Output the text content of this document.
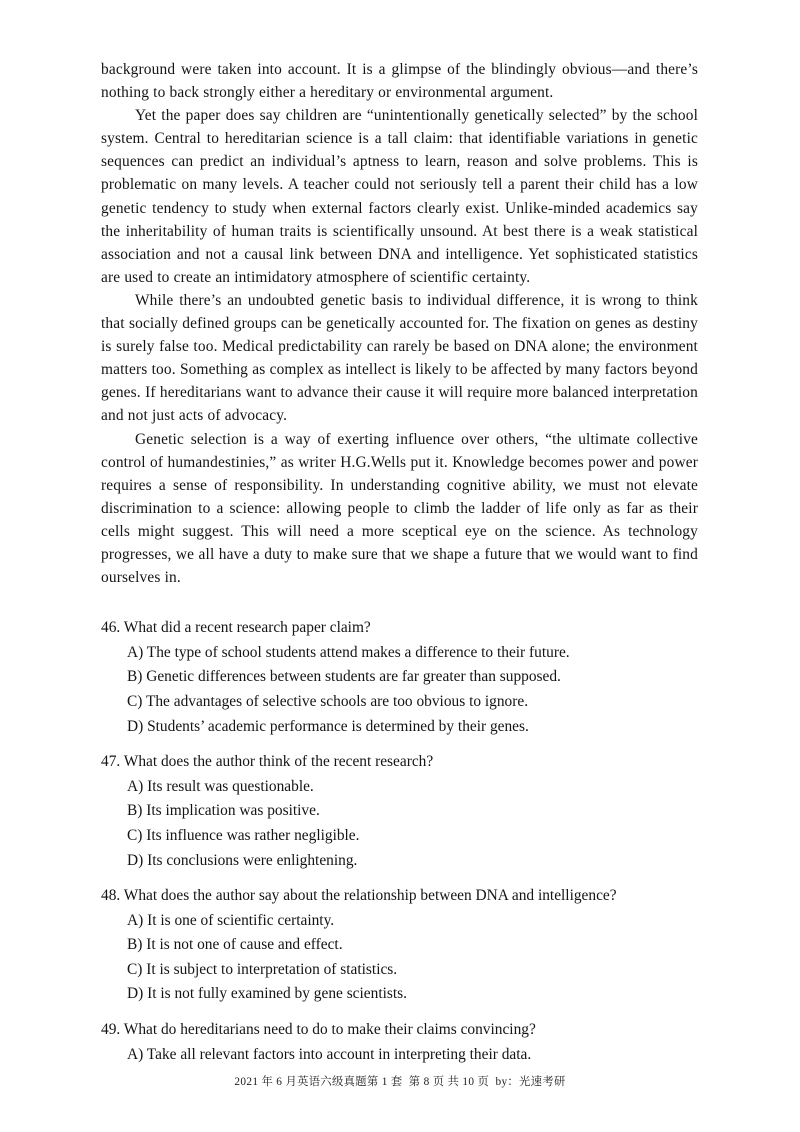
background were taken into account. It is a glimpse of the blindingly obvious—and there’s nothing to back strongly either a hereditary or environmental argument.

Yet the paper does say children are “unintentionally genetically selected” by the school system. Central to hereditarian science is a tall claim: that identifiable variations in genetic sequences can predict an individual’s aptness to learn, reason and solve problems. This is problematic on many levels. A teacher could not seriously tell a parent their child has a low genetic tendency to study when external factors clearly exist. Unlike-minded academics say the inheritability of human traits is scientifically unsound. At best there is a weak statistical association and not a causal link between DNA and intelligence. Yet sophisticated statistics are used to create an intimidatory atmosphere of scientific certainty.

While there’s an undoubted genetic basis to individual difference, it is wrong to think that socially defined groups can be genetically accounted for. The fixation on genes as destiny is surely false too. Medical predictability can rarely be based on DNA alone; the environment matters too. Something as complex as intellect is likely to be affected by many factors beyond genes. If hereditarians want to advance their cause it will require more balanced interpretation and not just acts of advocacy.

Genetic selection is a way of exerting influence over others, “the ultimate collective control of humandestinies,” as writer H.G.Wells put it. Knowledge becomes power and power requires a sense of responsibility. In understanding cognitive ability, we must not elevate discrimination to a science: allowing people to climb the ladder of life only as far as their cells might suggest. This will need a more sceptical eye on the science. As technology progresses, we all have a duty to make sure that we shape a future that we would want to find ourselves in.

46. What did a recent research paper claim?

A) The type of school students attend makes a difference to their future.

B) Genetic differences between students are far greater than supposed.

C) The advantages of selective schools are too obvious to ignore.

D) Students’ academic performance is determined by their genes.

47. What does the author think of the recent research?

A) Its result was questionable.

B) Its implication was positive.

C) Its influence was rather negligible.

D) Its conclusions were enlightening.

48. What does the author say about the relationship between DNA and intelligence?

A) It is one of scientific certainty.

B) It is not one of cause and effect.

C) It is subject to interpretation of statistics.

D) It is not fully examined by gene scientists.

49. What do hereditarians need to do to make their claims convincing?

A) Take all relevant factors into account in interpreting their data.

2021 年 6 月英语六级真题第 1 套  第 8 页 共 10 页  by：光速考研
